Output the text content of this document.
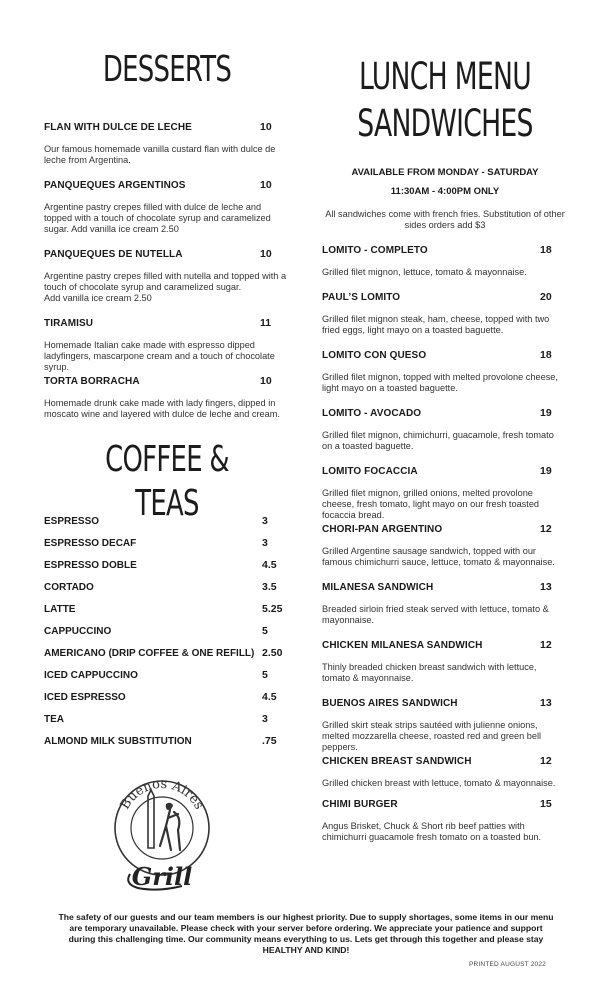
DESSERTS
FLAN WITH DULCE DE LECHE	10
Our famous homemade vanilla custard flan with dulce de leche from Argentina.
PANQUEQUES ARGENTINOS	10
Argentine pastry crepes filled with dulce de leche and topped with a touch of chocolate syrup and caramelized sugar. Add vanilla ice cream 2.50
PANQUEQUES DE NUTELLA	10
Argentine pastry crepes filled with nutella and topped with a touch of chocolate syrup and caramelized sugar.
Add vanilla ice cream 2.50
TIRAMISU	11
Homemade Italian cake made with espresso dipped ladyfingers, mascarpone cream and a touch of chocolate syrup.
TORTA BORRACHA	10
Homemade drunk cake made with lady fingers, dipped in moscato wine and layered with dulce de leche and cream.
COFFEE & TEAS
ESPRESSO	3
ESPRESSO DECAF	3
ESPRESSO DOBLE	4.5
CORTADO	3.5
LATTE	5.25
CAPPUCCINO	5
AMERICANO (DRIP COFFEE & ONE REFILL) 2.50
ICED CAPPUCCINO	5
ICED ESPRESSO	4.5
TEA	3
ALMOND MILK SUBSTITUTION	.75
Buenos Aires
Grill
LUNCH MENU
SANDWICHES
AVAILABLE FROM MONDAY - SATURDAY
11:30AM - 4:00PM ONLY
All sandwiches come with french fries. Substitution of other sides orders add $3
LOMITO - COMPLETO	18
Grilled filet mignon, lettuce, tomato & mayonnaise.
PAUL’S LOMITO	20
Grilled filet mignon steak, ham, cheese, topped with two fried eggs, light mayo on a toasted baguette.
LOMITO CON QUESO	18
Grilled filet mignon, topped with melted provolone cheese, light mayo on a toasted baguette.
LOMITO - AVOCADO	19
Grilled filet mignon, chimichurri, guacamole, fresh tomato on a toasted baguette.
LOMITO FOCACCIA	19
Grilled filet mignon, grilled onions, melted provolone cheese, fresh tomato, light mayo on our fresh toasted focaccia bread.
CHORI-PAN ARGENTINO	12
Grilled Argentine sausage sandwich, topped with our famous chimichurri sauce, lettuce, tomato & mayonnaise.
MILANESA SANDWICH	13
Breaded sirloin fried steak served with lettuce, tomato & mayonnaise.
CHICKEN MILANESA SANDWICH	12
Thinly breaded chicken breast sandwich with lettuce, tomato & mayonnaise.
BUENOS AIRES SANDWICH	13
Grilled skirt steak strips sautéed with julienne onions, melted mozzarella cheese, roasted red and green bell peppers.
CHICKEN BREAST SANDWICH	12
Grilled chicken breast with lettuce, tomato & mayonnaise.
CHIMI BURGER	15
Angus Brisket, Chuck & Short rib beef patties with chimichurri guacamole fresh tomato on a toasted bun.
The safety of our guests and our team members is our highest priority. Due to supply shortages, some items in our menu are temporary unavailable. Please check with your server before ordering. We appreciate your patience and support during this challenging time. Our community means everything to us. Lets get through this together and please stay HEALTHY AND KIND!
PRINTED AUGUST 2022
